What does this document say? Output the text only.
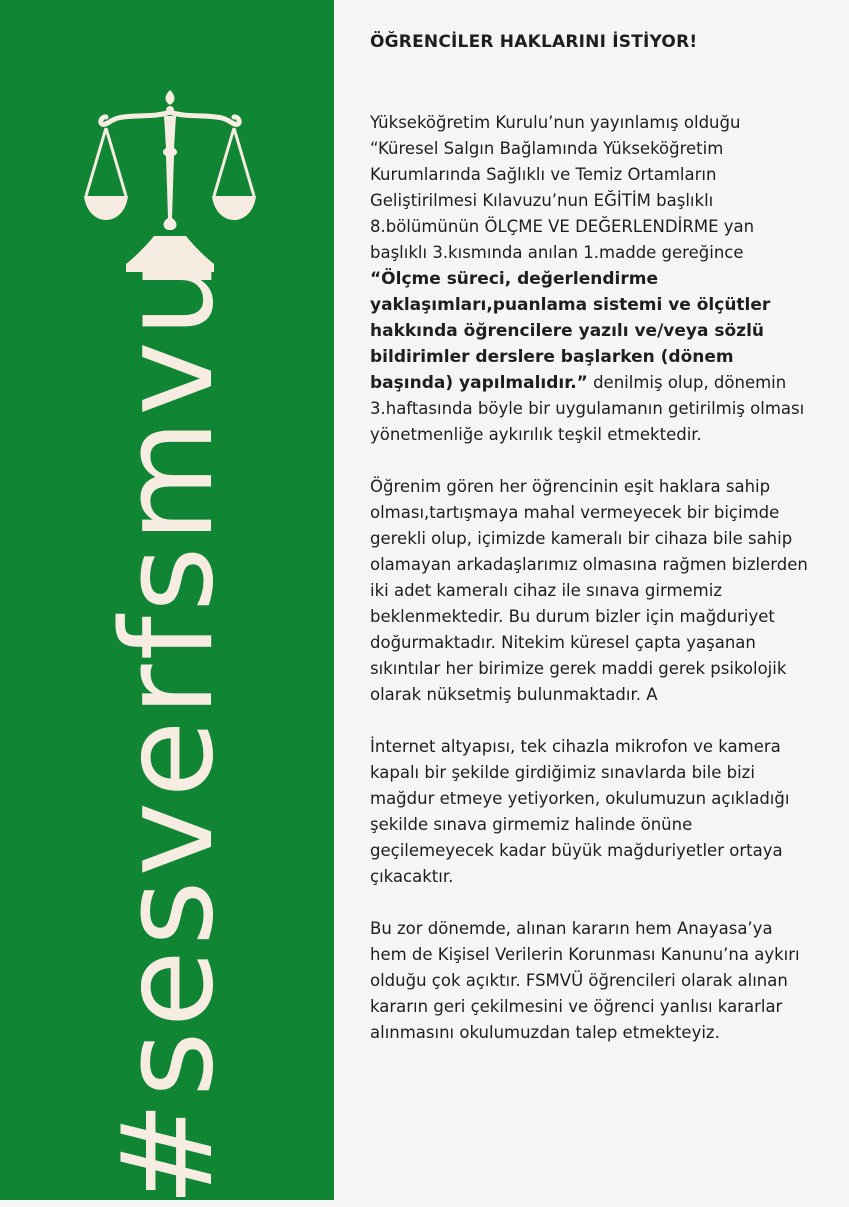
#sesverfsmvu
ÖĞRENCİLER HAKLARINI İSTİYOR!

Yükseköğretim Kurulu’nun yayınlamış olduğu “Küresel Salgın Bağlamında Yükseköğretim Kurumlarında Sağlıklı ve Temiz Ortamların Geliştirilmesi Kılavuzu’nun EĞİTİM başlıklı 8.bölümünün ÖLÇME VE DEĞERLENDİRME yan başlıklı 3.kısmında anılan 1.madde gereğince “Ölçme süreci, değerlendirme yaklaşımları,puanlama sistemi ve ölçütler hakkında öğrencilere yazılı ve/veya sözlü bildirimler derslere başlarken (dönem başında) yapılmalıdır.” denilmiş olup, dönemin 3.haftasında böyle bir uygulamanın getirilmiş olması yönetmenliğe aykırılık teşkil etmektedir.

Öğrenim gören her öğrencinin eşit haklara sahip olması,tartışmaya mahal vermeyecek bir biçimde gerekli olup, içimizde kameralı bir cihaza bile sahip olamayan arkadaşlarımız olmasına rağmen bizlerden iki adet kameralı cihaz ile sınava girmemiz beklenmektedir. Bu durum bizler için mağduriyet doğurmaktadır. Nitekim küresel çapta yaşanan sıkıntılar her birimize gerek maddi gerek psikolojik olarak nüksetmiş bulunmaktadır. A

İnternet altyapısı, tek cihazla mikrofon ve kamera kapalı bir şekilde girdiğimiz sınavlarda bile bizi mağdur etmeye yetiyorken, okulumuzun açıkladığı şekilde sınava girmemiz halinde önüne geçilemeyecek kadar büyük mağduriyetler ortaya çıkacaktır.

Bu zor dönemde, alınan kararın hem Anayasa’ya hem de Kişisel Verilerin Korunması Kanunu’na aykırı olduğu çok açıktır. FSMVÜ öğrencileri olarak alınan kararın geri çekilmesini ve öğrenci yanlısı kararlar alınmasını okulumuzdan talep etmekteyiz.
